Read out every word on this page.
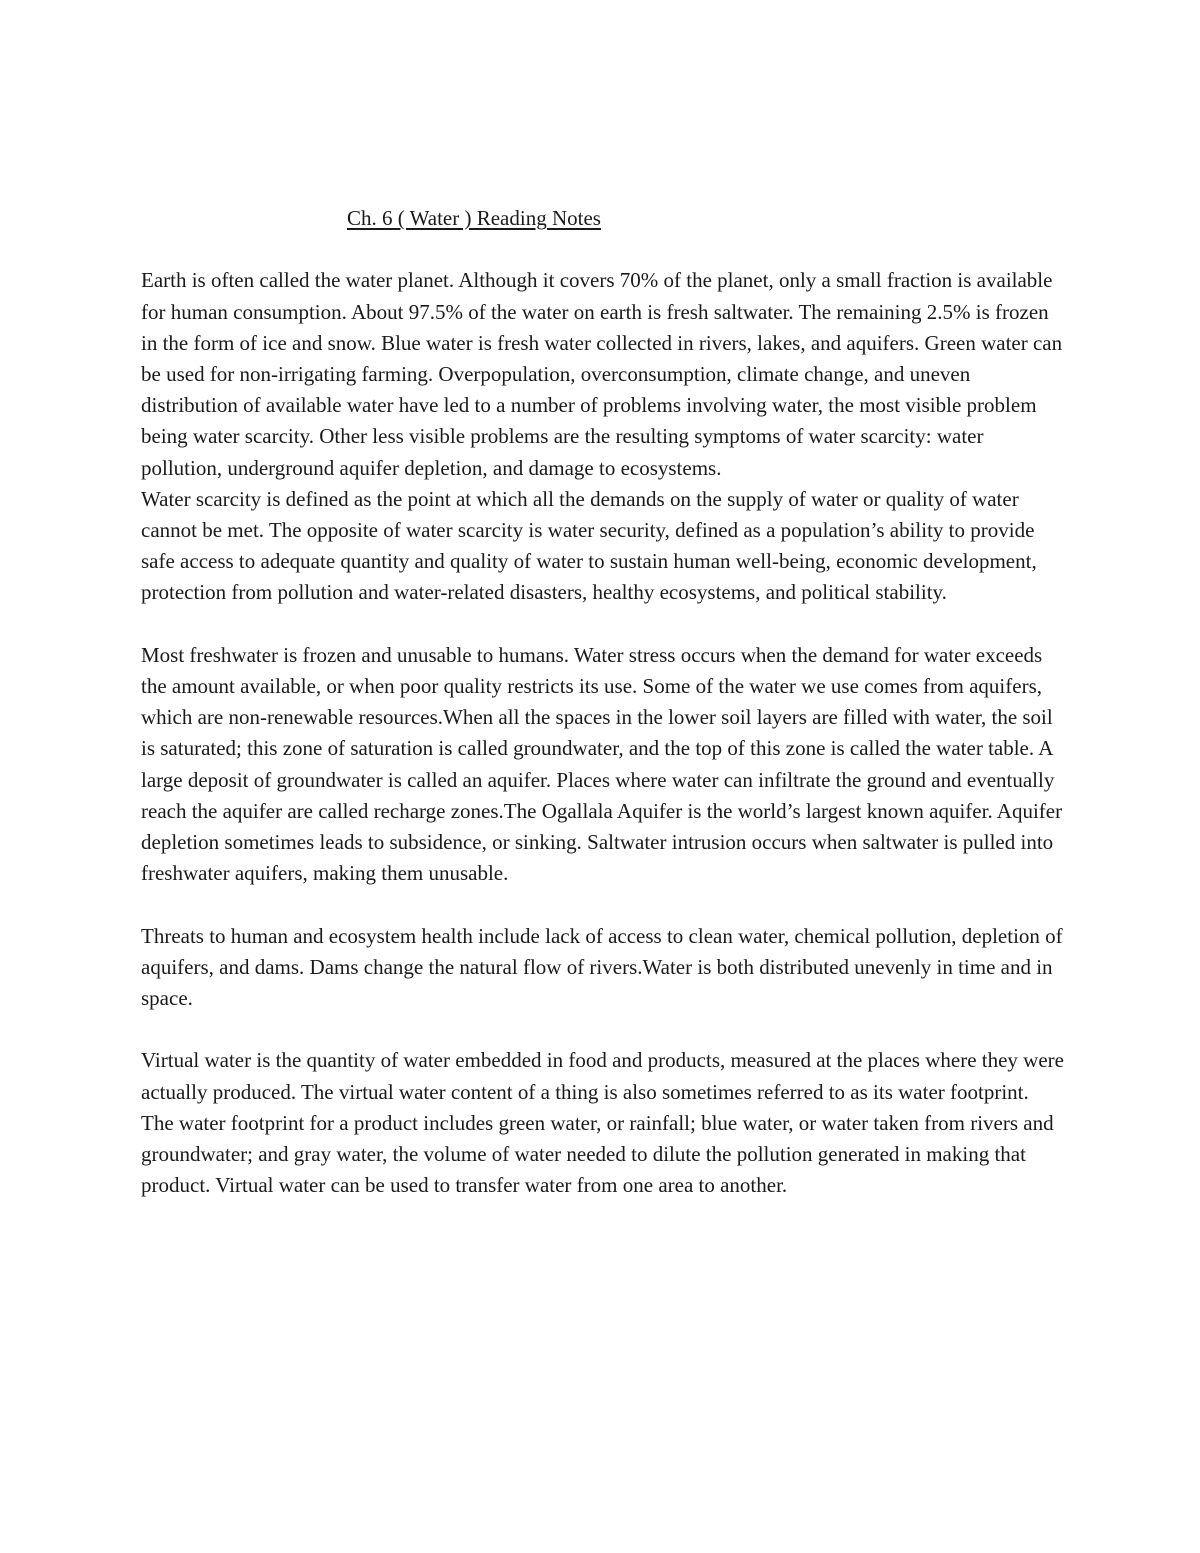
Ch. 6 ( Water ) Reading Notes

Earth is often called the water planet. Although it covers 70% of the planet, only a small fraction is available for human consumption. About 97.5% of the water on earth is fresh saltwater. The remaining 2.5% is frozen in the form of ice and snow. Blue water is fresh water collected in rivers, lakes, and aquifers. Green water can be used for non-irrigating farming. Overpopulation, overconsumption, climate change, and uneven distribution of available water have led to a number of problems involving water, the most visible problem being water scarcity. Other less visible problems are the resulting symptoms of water scarcity: water pollution, underground aquifer depletion, and damage to ecosystems.

Water scarcity is defined as the point at which all the demands on the supply of water or quality of water cannot be met. The opposite of water scarcity is water security, defined as a population’s ability to provide safe access to adequate quantity and quality of water to sustain human well-being, economic development, protection from pollution and water-related disasters, healthy ecosystems, and political stability.

Most freshwater is frozen and unusable to humans. Water stress occurs when the demand for water exceeds the amount available, or when poor quality restricts its use. Some of the water we use comes from aquifers, which are non-renewable resources.When all the spaces in the lower soil layers are filled with water, the soil is saturated; this zone of saturation is called groundwater, and the top of this zone is called the water table. A large deposit of groundwater is called an aquifer. Places where water can infiltrate the ground and eventually reach the aquifer are called recharge zones.The Ogallala Aquifer is the world’s largest known aquifer. Aquifer depletion sometimes leads to subsidence, or sinking. Saltwater intrusion occurs when saltwater is pulled into freshwater aquifers, making them unusable.

Threats to human and ecosystem health include lack of access to clean water, chemical pollution, depletion of aquifers, and dams. Dams change the natural flow of rivers.Water is both distributed unevenly in time and in space.

Virtual water is the quantity of water embedded in food and products, measured at the places where they were actually produced. The virtual water content of a thing is also sometimes referred to as its water footprint. The water footprint for a product includes green water, or rainfall; blue water, or water taken from rivers and groundwater; and gray water, the volume of water needed to dilute the pollution generated in making that product. Virtual water can be used to transfer water from one area to another.
